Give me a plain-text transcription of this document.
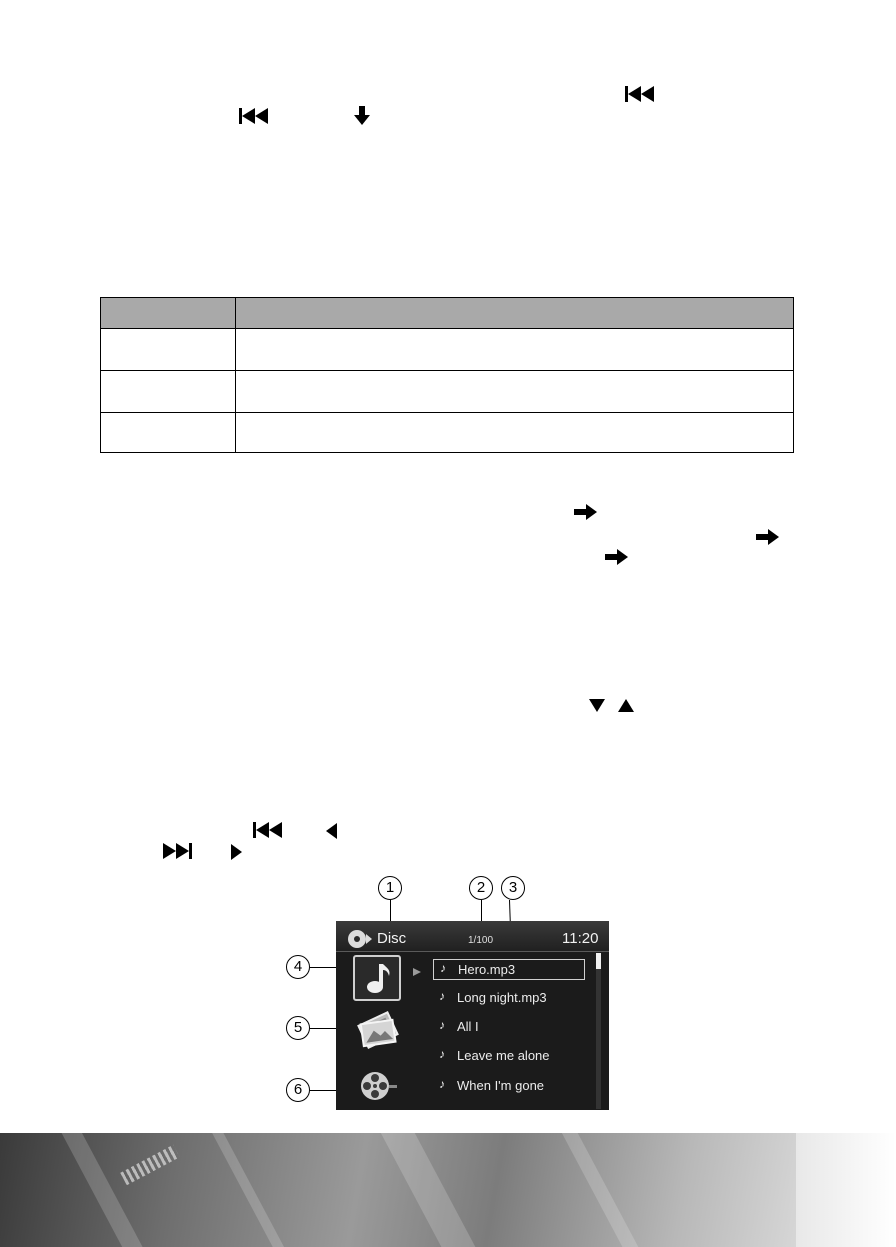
1	2	3
4
5
6
Disc	1/100	11:20
♪ Hero.mp3
♪ Long night.mp3
♪ All I
♪ Leave me alone
♪ When I'm gone
